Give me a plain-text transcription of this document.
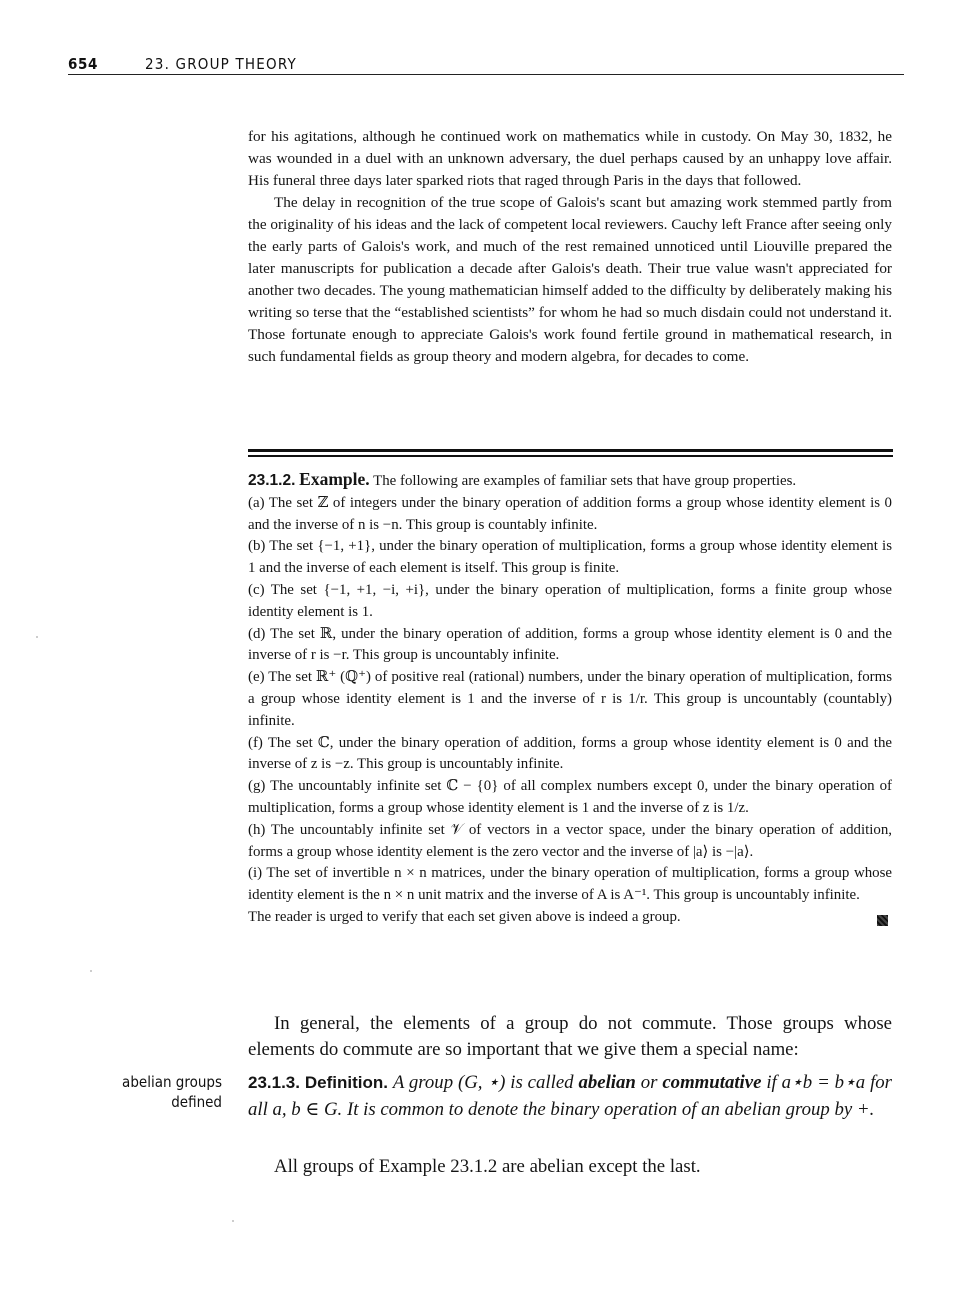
654	23. GROUP THEORY

for his agitations, although he continued work on mathematics while in custody. On May 30, 1832, he was wounded in a duel with an unknown adversary, the duel perhaps caused by an unhappy love affair. His funeral three days later sparked riots that raged through Paris in the days that followed.

The delay in recognition of the true scope of Galois's scant but amazing work stemmed partly from the originality of his ideas and the lack of competent local reviewers. Cauchy left France after seeing only the early parts of Galois's work, and much of the rest remained unnoticed until Liouville prepared the later manuscripts for publication a decade after Galois's death. Their true value wasn't appreciated for another two decades. The young mathematician himself added to the difficulty by deliberately making his writing so terse that the “established scientists” for whom he had so much disdain could not understand it. Those fortunate enough to appreciate Galois's work found fertile ground in mathematical research, in such fundamental fields as group theory and modern algebra, for decades to come.

23.1.2. Example. The following are examples of familiar sets that have group properties.

(a) The set ℤ of integers under the binary operation of addition forms a group whose identity element is 0 and the inverse of n is −n. This group is countably infinite.

(b) The set {−1, +1}, under the binary operation of multiplication, forms a group whose identity element is 1 and the inverse of each element is itself. This group is finite.

(c) The set {−1, +1, −i, +i}, under the binary operation of multiplication, forms a finite group whose identity element is 1.

(d) The set ℝ, under the binary operation of addition, forms a group whose identity element is 0 and the inverse of r is −r. This group is uncountably infinite.

(e) The set ℝ⁺ (ℚ⁺) of positive real (rational) numbers, under the binary operation of multiplication, forms a group whose identity element is 1 and the inverse of r is 1/r. This group is uncountably (countably) infinite.

(f) The set ℂ, under the binary operation of addition, forms a group whose identity element is 0 and the inverse of z is −z. This group is uncountably infinite.

(g) The uncountably infinite set ℂ − {0} of all complex numbers except 0, under the binary operation of multiplication, forms a group whose identity element is 1 and the inverse of z is 1/z.

(h) The uncountably infinite set 𝒱 of vectors in a vector space, under the binary operation of addition, forms a group whose identity element is the zero vector and the inverse of |a⟩ is −|a⟩.

(i) The set of invertible n × n matrices, under the binary operation of multiplication, forms a group whose identity element is the n × n unit matrix and the inverse of A is A⁻¹. This group is uncountably infinite.

The reader is urged to verify that each set given above is indeed a group.

In general, the elements of a group do not commute. Those groups whose elements do commute are so important that we give them a special name:

abelian groups
defined

23.1.3. Definition. A group (G, ⋆) is called abelian or commutative if a⋆b = b⋆a for all a, b ∈ G. It is common to denote the binary operation of an abelian group by +.

All groups of Example 23.1.2 are abelian except the last.
